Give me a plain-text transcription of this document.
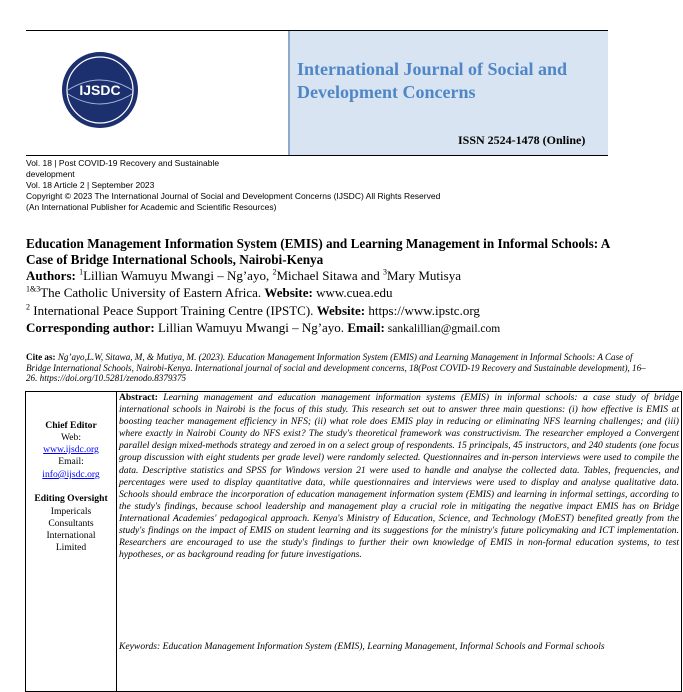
IJSDC
International Journal of Social and Development Concerns
ISSN 2524-1478 (Online)
Vol. 18 | Post COVID-19 Recovery and Sustainable
development
Vol. 18 Article 2 | September 2023
Copyright © 2023 The International Journal of Social and Development Concerns (IJSDC) All Rights Reserved
(An International Publisher for Academic and Scientific Resources)
Education Management Information System (EMIS) and Learning Management in Informal Schools: A Case of Bridge International Schools, Nairobi-Kenya
Authors: $^1$Lillian Wamuyu Mwangi – Ng’ayo, $^2$Michael Sitawa and $^3$Mary Mutisya
$^{1\&3}$The Catholic University of Eastern Africa. Website: www.cuea.edu
$^2$ International Peace Support Training Centre (IPSTC). Website: https://www.ipstc.org
Corresponding author: Lillian Wamuyu Mwangi – Ng’ayo. Email: sankalillian@gmail.com
Cite as: Ng’ayo,L.W, Sitawa, M, & Mutiya, M. (2023). Education Management Information System (EMIS) and Learning Management in Informal Schools: A Case of Bridge International Schools, Nairobi-Kenya. International journal of social and development concerns, 18(Post COVID-19 Recovery and Sustainable development), 16–26. https://doi.org/10.5281/zenodo.8379375
Chief Editor
Web:
www.ijsdc.org
Email:
info@ijsdc.org
Editing Oversight
Impericals
Consultants
International
Limited
Abstract: Learning management and education management information systems (EMIS) in informal schools: a case study of bridge international schools in Nairobi is the focus of this study. This research set out to answer three main questions: (i) how effective is EMIS at boosting teacher management efficiency in NFS; (ii) what role does EMIS play in reducing or eliminating NFS learning challenges; and (iii) where exactly in Nairobi County do NFS exist? The study's theoretical framework was constructivism. The researcher employed a Convergent parallel design mixed-methods strategy and zeroed in on a select group of respondents. 15 principals, 45 instructors, and 240 students (one focus group discussion with eight students per grade level) were randomly selected. Questionnaires and in-person interviews were used to compile the data. Descriptive statistics and SPSS for Windows version 21 were used to handle and analyse the collected data. Tables, frequencies, and percentages were used to display quantitative data, while questionnaires and interviews were used to display and analyse qualitative data. Schools should embrace the incorporation of education management information system (EMIS) and learning in informal settings, according to the study's findings, because school leadership and management play a crucial role in mitigating the negative impact EMIS has on Bridge International Academies' pedagogical approach. Kenya's Ministry of Education, Science, and Technology (MoEST) benefited greatly from the study's findings on the impact of EMIS on student learning and its suggestions for the ministry's future policymaking and ICT implementation. Researchers are encouraged to use the study's findings to further their own knowledge of EMIS in non-formal education systems, to test hypotheses, or as background reading for future investigations.
Keywords: Education Management Information System (EMIS), Learning Management, Informal Schools and Formal schools
